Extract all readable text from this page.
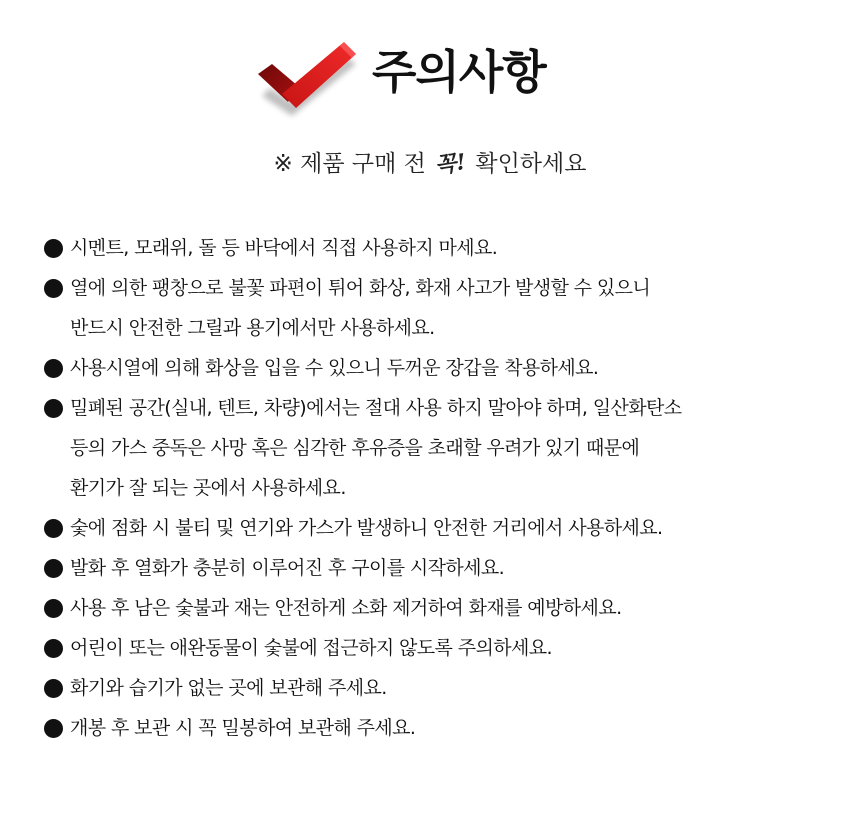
주의사항
※ 제품 구매 전 꼭! 확인하세요
시멘트, 모래위, 돌 등 바닥에서 직접 사용하지 마세요.
열에 의한 팽창으로 불꽃 파편이 튀어 화상, 화재 사고가 발생할 수 있으니
반드시 안전한 그릴과 용기에서만 사용하세요.
사용시열에 의해 화상을 입을 수 있으니 두꺼운 장갑을 착용하세요.
밀폐된 공간(실내, 텐트, 차량)에서는 절대 사용 하지 말아야 하며, 일산화탄소
등의 가스 중독은 사망 혹은 심각한 후유증을 초래할 우려가 있기 때문에
환기가 잘 되는 곳에서 사용하세요.
숯에 점화 시 불티 및 연기와 가스가 발생하니 안전한 거리에서 사용하세요.
발화 후 열화가 충분히 이루어진 후 구이를 시작하세요.
사용 후 남은 숯불과 재는 안전하게 소화 제거하여 화재를 예방하세요.
어린이 또는 애완동물이 숯불에 접근하지 않도록 주의하세요.
화기와 습기가 없는 곳에 보관해 주세요.
개봉 후 보관 시 꼭 밀봉하여 보관해 주세요.
